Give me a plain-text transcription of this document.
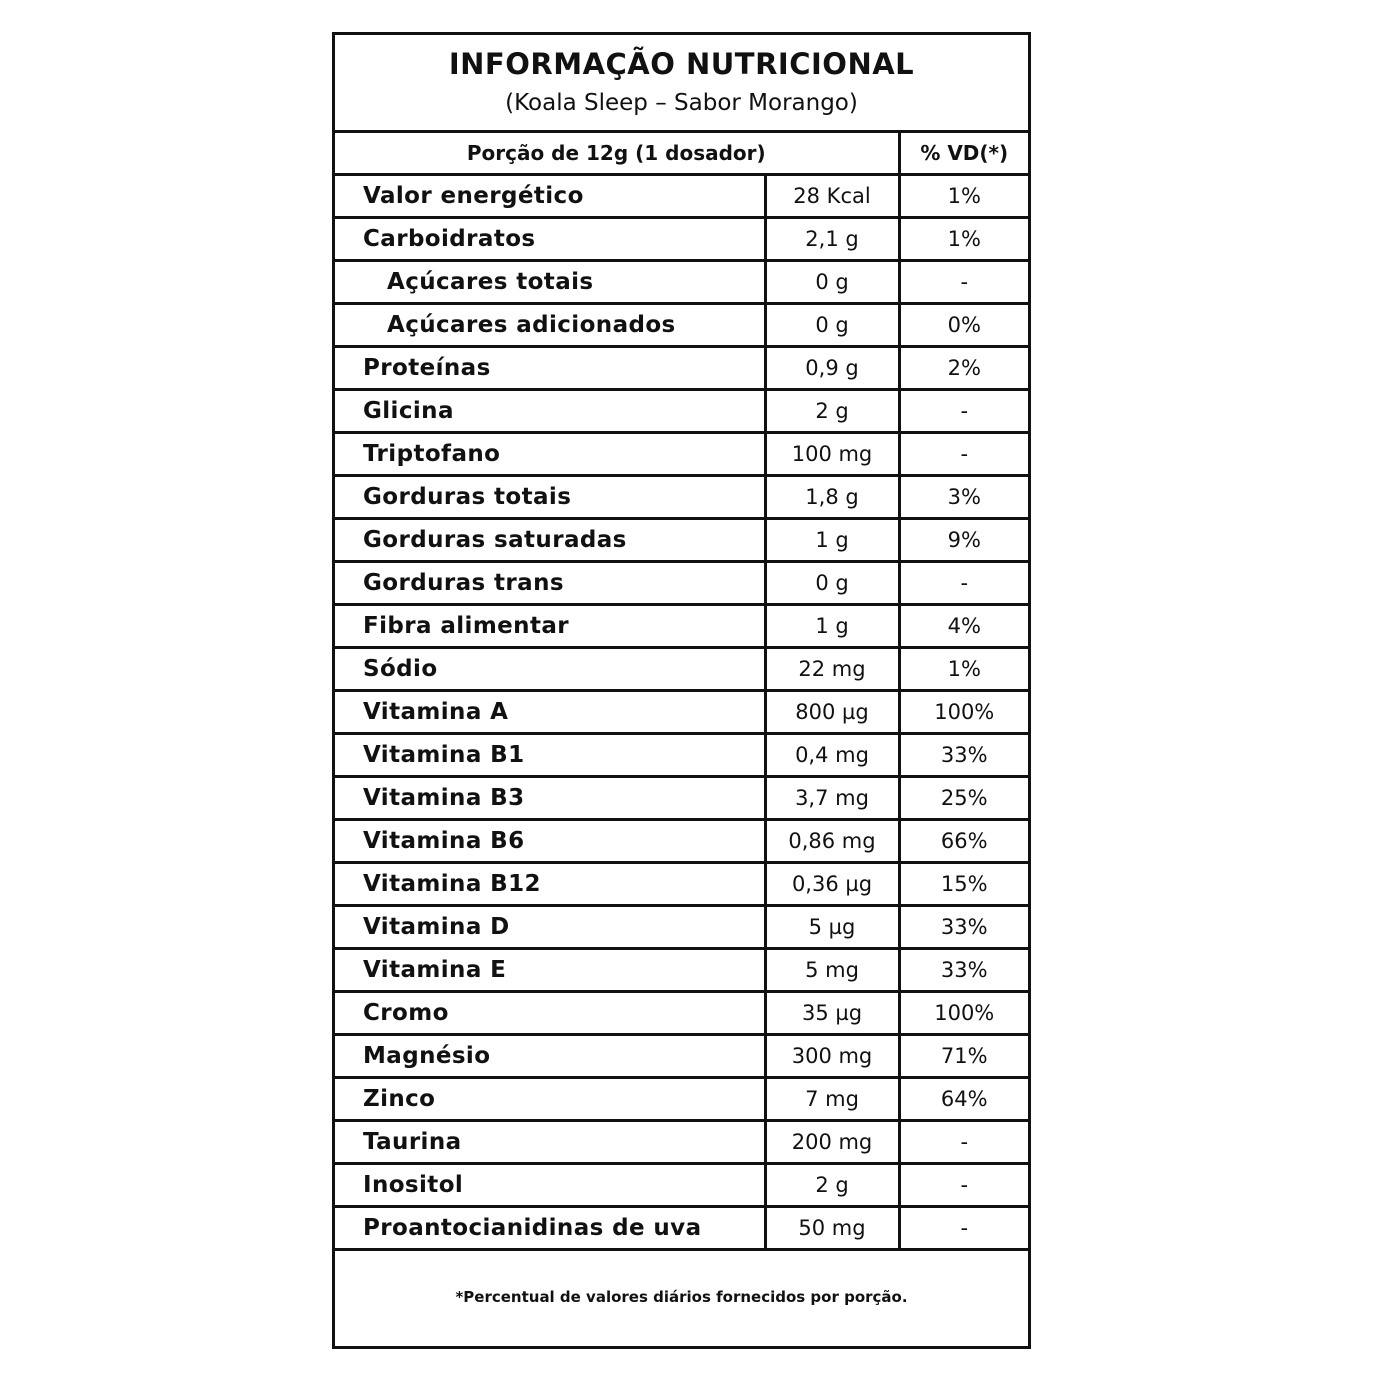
INFORMAÇÃO NUTRICIONAL
(Koala Sleep – Sabor Morango)
Porção de 12g (1 dosador)		% VD(*)
Valor energético	28 Kcal	1%
Carboidratos	2,1 g	1%
Açúcares totais	0 g	-
Açúcares adicionados	0 g	0%
Proteínas	0,9 g	2%
Glicina	2 g	-
Triptofano	100 mg	-
Gorduras totais	1,8 g	3%
Gorduras saturadas	1 g	9%
Gorduras trans	0 g	-
Fibra alimentar	1 g	4%
Sódio	22 mg	1%
Vitamina A	800 µg	100%
Vitamina B1	0,4 mg	33%
Vitamina B3	3,7 mg	25%
Vitamina B6	0,86 mg	66%
Vitamina B12	0,36 µg	15%
Vitamina D	5 µg	33%
Vitamina E	5 mg	33%
Cromo	35 µg	100%
Magnésio	300 mg	71%
Zinco	7 mg	64%
Taurina	200 mg	-
Inositol	2 g	-
Proantocianidinas de uva	50 mg	-
*Percentual de valores diários fornecidos por porção.
